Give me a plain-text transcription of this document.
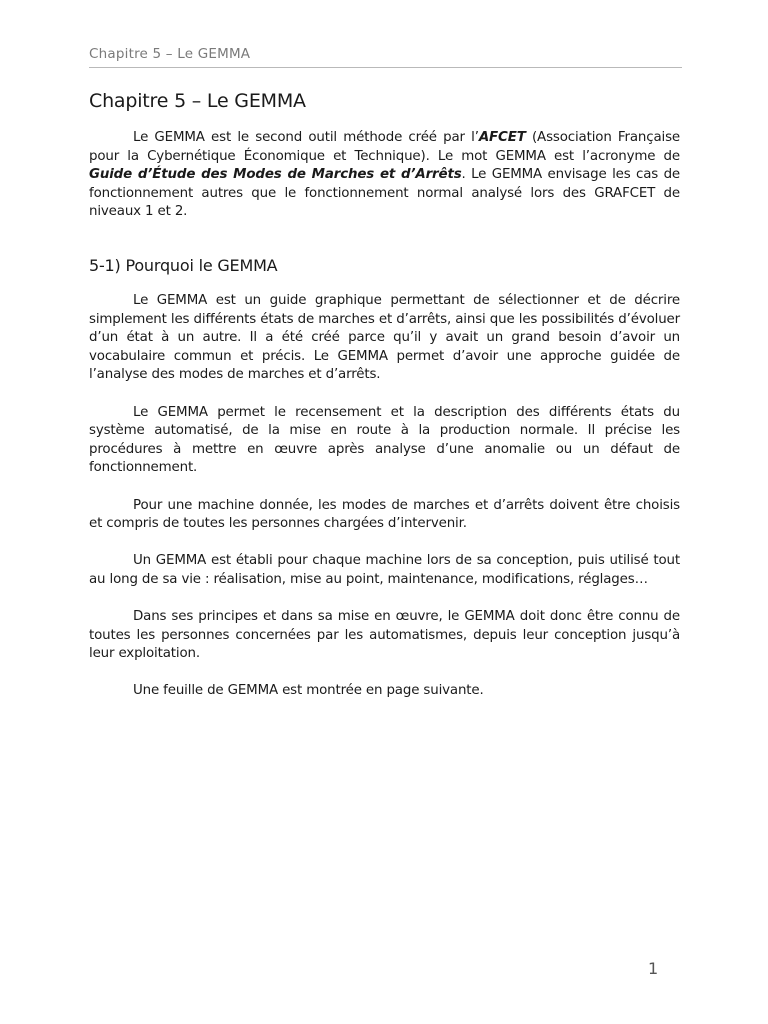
Chapitre 5 – Le GEMMA
Chapitre 5 – Le GEMMA

Le GEMMA est le second outil méthode créé par l’AFCET (Association Française pour la Cybernétique Économique et Technique). Le mot GEMMA est l’acronyme de Guide d’Étude des Modes de Marches et d’Arrêts. Le GEMMA envisage les cas de fonctionnement autres que le fonctionnement normal analysé lors des GRAFCET de niveaux 1 et 2.

5-1) Pourquoi le GEMMA

Le GEMMA est un guide graphique permettant de sélectionner et de décrire simplement les différents états de marches et d’arrêts, ainsi que les possibilités d’évoluer d’un état à un autre. Il a été créé parce qu’il y avait un grand besoin d’avoir un vocabulaire commun et précis. Le GEMMA permet d’avoir une approche guidée de l’analyse des modes de marches et d’arrêts.

Le GEMMA permet le recensement et la description des différents états du système automatisé, de la mise en route à la production normale. Il précise les procédures à mettre en œuvre après analyse d’une anomalie ou un défaut de fonctionnement.

Pour une machine donnée, les modes de marches et d’arrêts doivent être choisis et compris de toutes les personnes chargées d’intervenir.

Un GEMMA est établi pour chaque machine lors de sa conception, puis utilisé tout au long de sa vie : réalisation, mise au point, maintenance, modifications, réglages…

Dans ses principes et dans sa mise en œuvre, le GEMMA doit donc être connu de toutes les personnes concernées par les automatismes, depuis leur conception jusqu’à leur exploitation.

Une feuille de GEMMA est montrée en page suivante.

1
